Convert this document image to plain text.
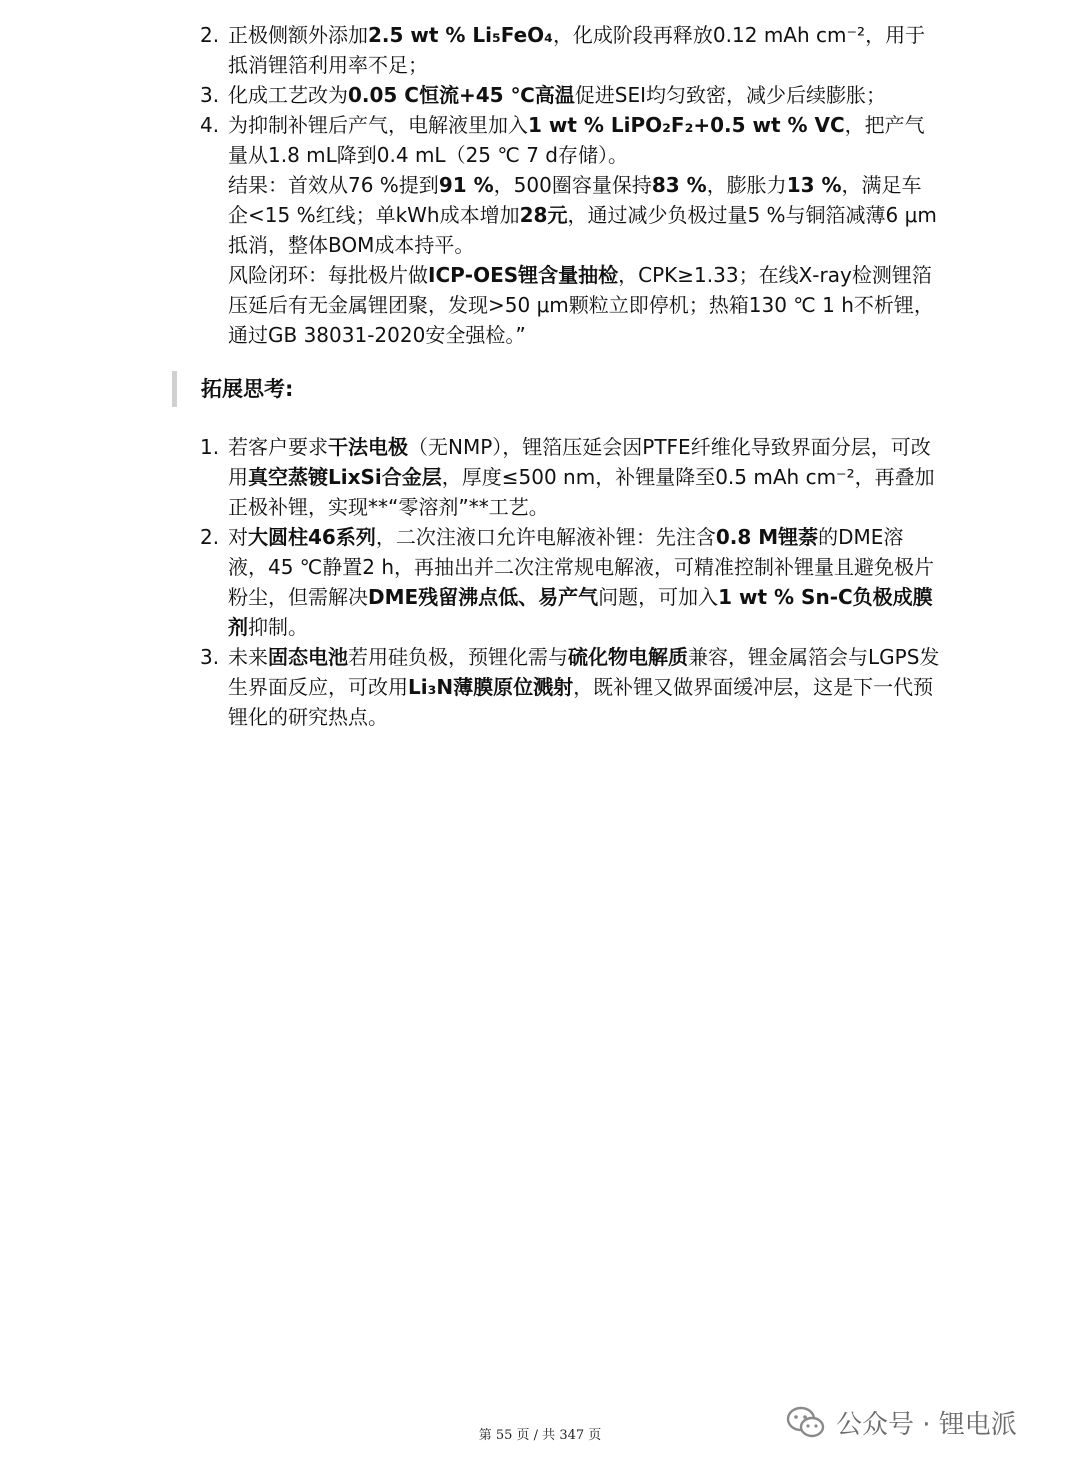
2. 正极侧额外添加2.5 wt % Li₅FeO₄，化成阶段再释放0.12 mAh cm⁻²，用于抵消锂箔利用率不足；

3. 化成工艺改为0.05 C恒流+45 ℃高温促进SEI均匀致密，减少后续膨胀；

4. 为抑制补锂后产气，电解液里加入1 wt % LiPO₂F₂+0.5 wt % VC，把产气量从1.8 mL降到0.4 mL（25 ℃ 7 d存储）。
结果：首效从76 %提到91 %，500圈容量保持83 %，膨胀力13 %，满足车企<15 %红线；单kWh成本增加28元，通过减少负极过量5 %与铜箔减薄6 μm抵消，整体BOM成本持平。
风险闭环：每批极片做ICP‑OES锂含量抽检，CPK≥1.33；在线X‑ray检测锂箔压延后有无金属锂团聚，发现>50 μm颗粒立即停机；热箱130 ℃ 1 h不析锂，通过GB 38031‑2020安全强检。”

拓展思考:
1. 若客户要求干法电极（无NMP），锂箔压延会因PTFE纤维化导致界面分层，可改用真空蒸镀LixSi合金层，厚度≤500 nm，补锂量降至0.5 mAh cm⁻²，再叠加正极补锂，实现**“零溶剂”**工艺。

2. 对大圆柱46系列，二次注液口允许电解液补锂：先注含0.8 M锂萘的DME溶液，45 ℃静置2 h，再抽出并二次注常规电解液，可精准控制补锂量且避免极片粉尘，但需解决DME残留沸点低、易产气问题，可加入1 wt % Sn‑C负极成膜剂抑制。

3. 未来固态电池若用硅负极，预锂化需与硫化物电解质兼容，锂金属箔会与LGPS发生界面反应，可改用Li₃N薄膜原位溅射，既补锂又做界面缓冲层，这是下一代预锂化的研究热点。

第 55 页 / 共 347 页	公众号 · 锂电派
